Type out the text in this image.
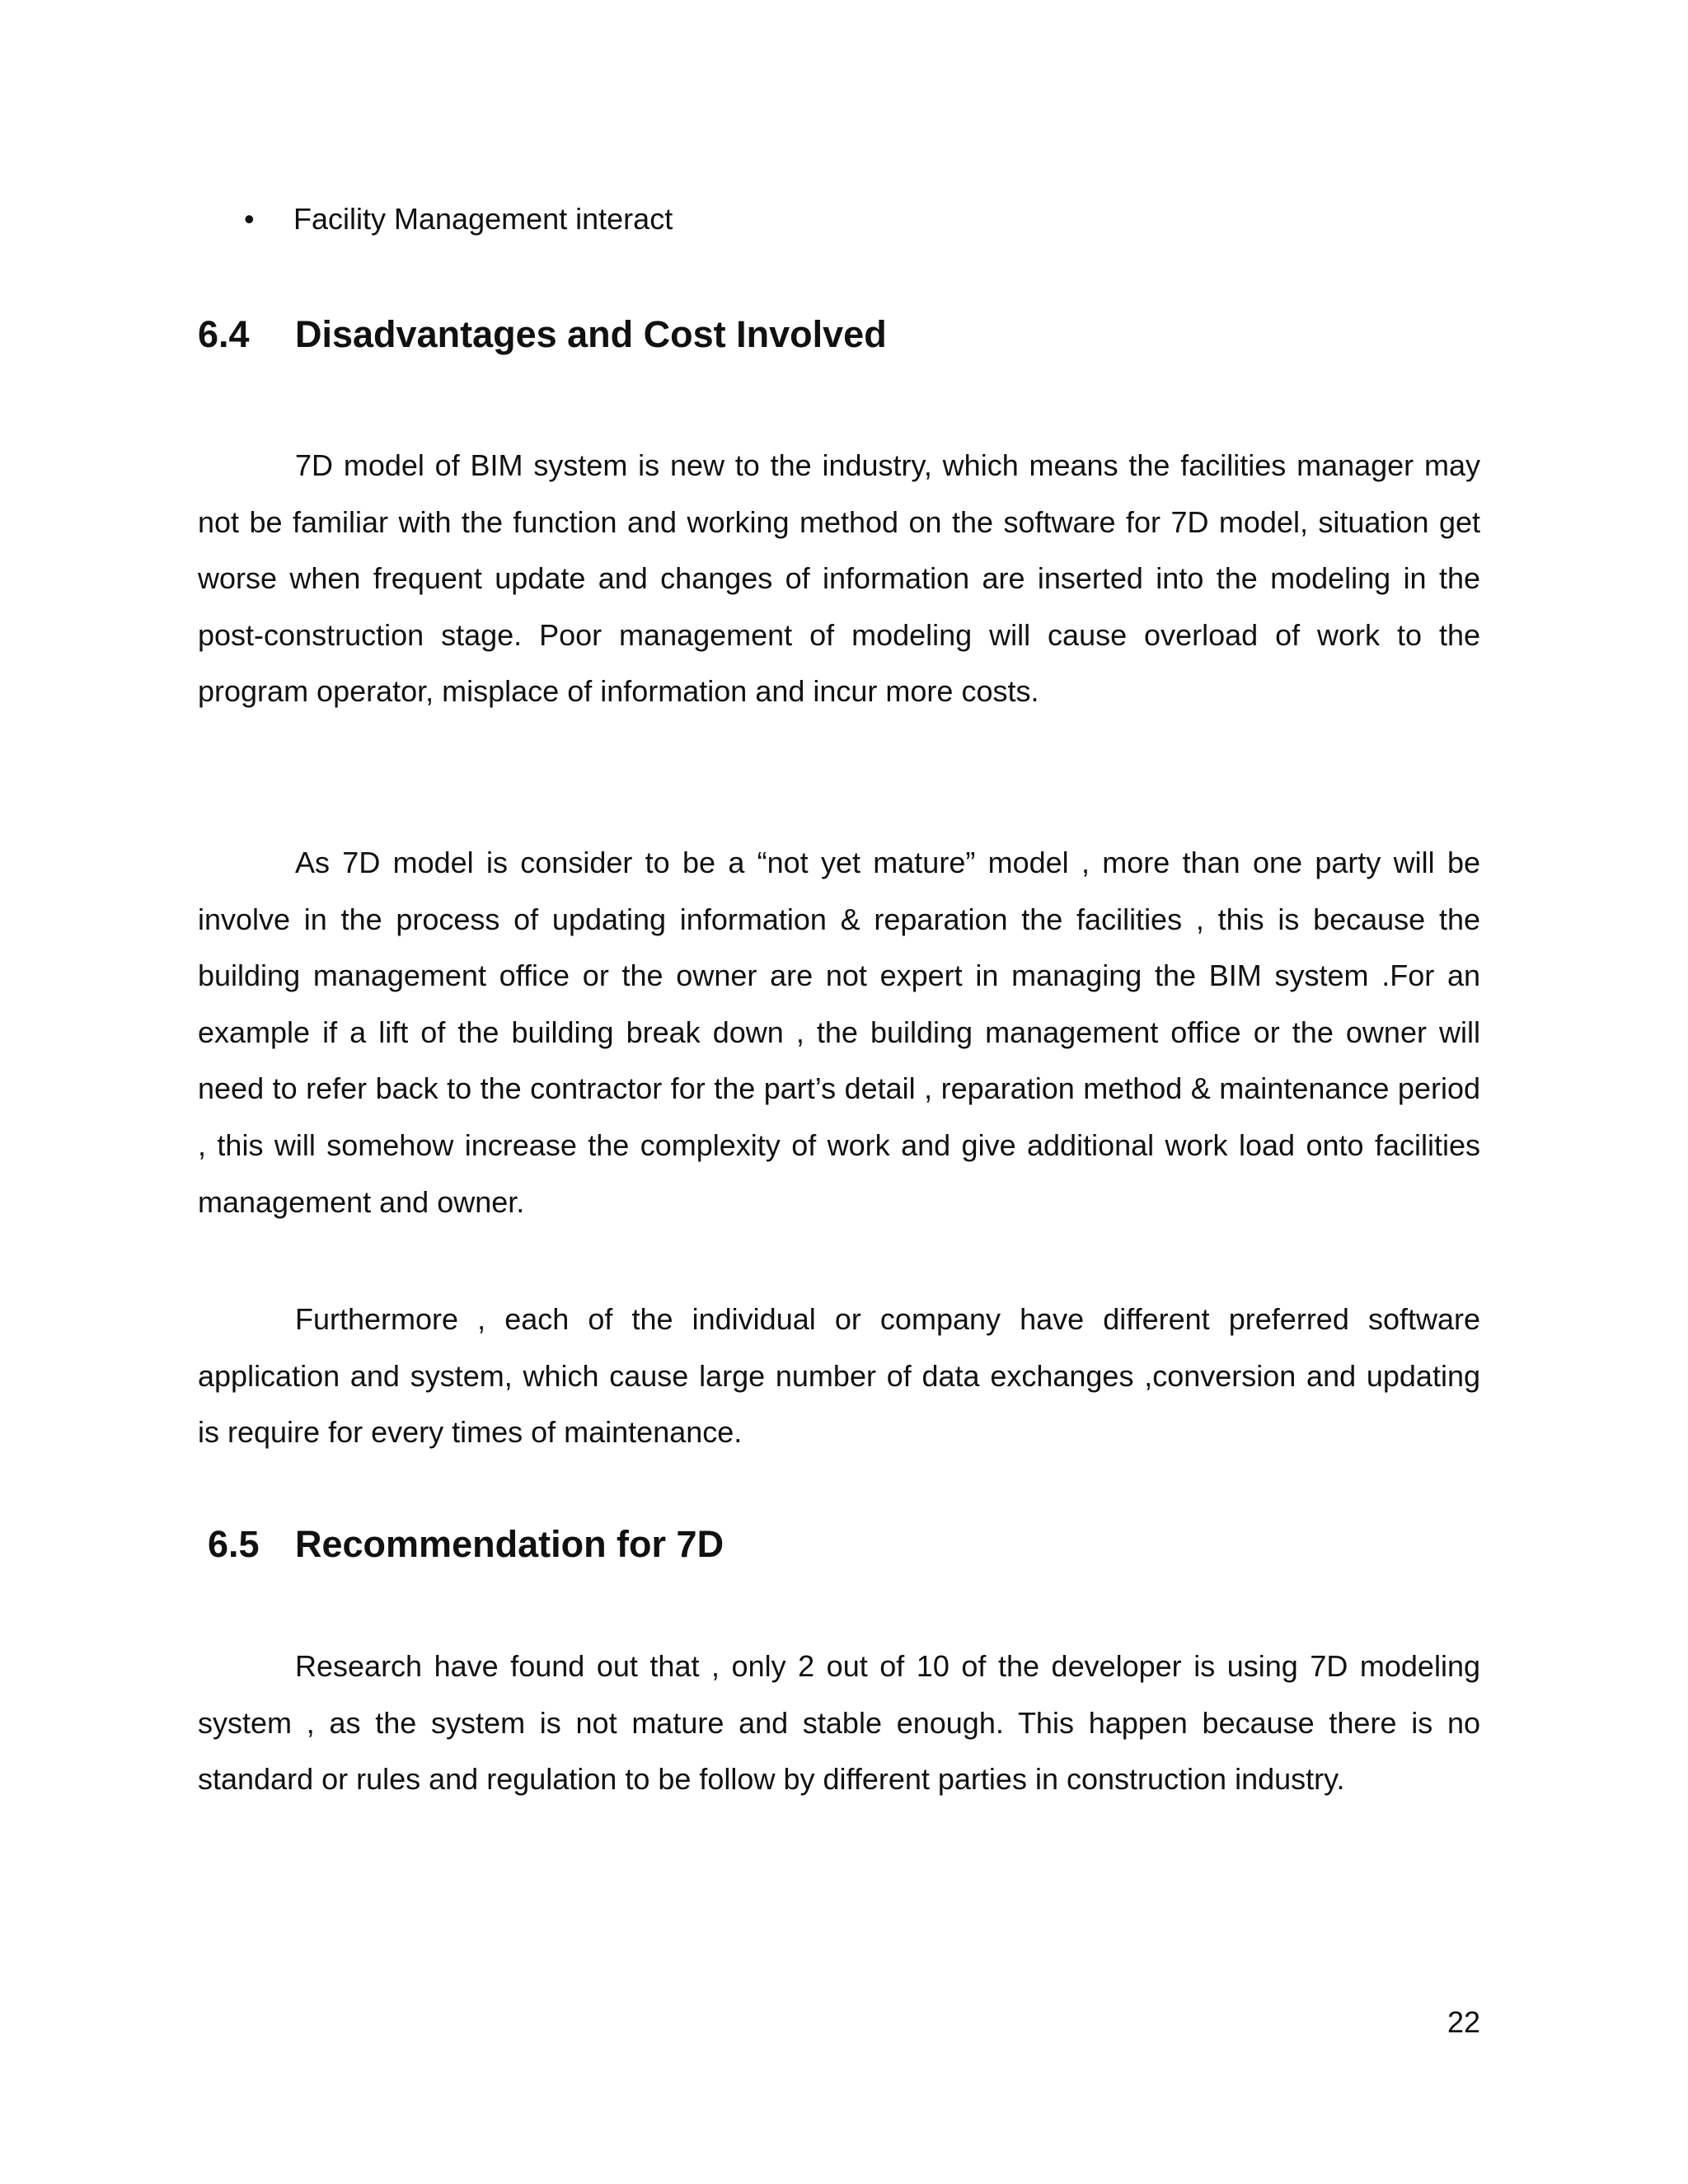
• Facility Management interact
6.4 Disadvantages and Cost Involved

7D model of BIM system is new to the industry, which means the facilities manager may not be familiar with the function and working method on the software for 7D model, situation get worse when frequent update and changes of information are inserted into the modeling in the post-construction stage. Poor management of modeling will cause overload of work to the program operator, misplace of information and incur more costs.

As 7D model is consider to be a “not yet mature” model , more than one party will be involve in the process of updating information & reparation the facilities , this is because the building management office or the owner are not expert in managing the BIM system .For an example if a lift of the building break down , the building management office or the owner will need to refer back to the contractor for the part’s detail , reparation method & maintenance period , this will somehow increase the complexity of work and give additional work load onto facilities management and owner.

Furthermore , each of the individual or company have different preferred software application and system, which cause large number of data exchanges ,conversion and updating is require for every times of maintenance.

6.5 Recommendation for 7D

Research have found out that , only 2 out of 10 of the developer is using 7D modeling system , as the system is not mature and stable enough. This happen because there is no standard or rules and regulation to be follow by different parties in construction industry.

22
